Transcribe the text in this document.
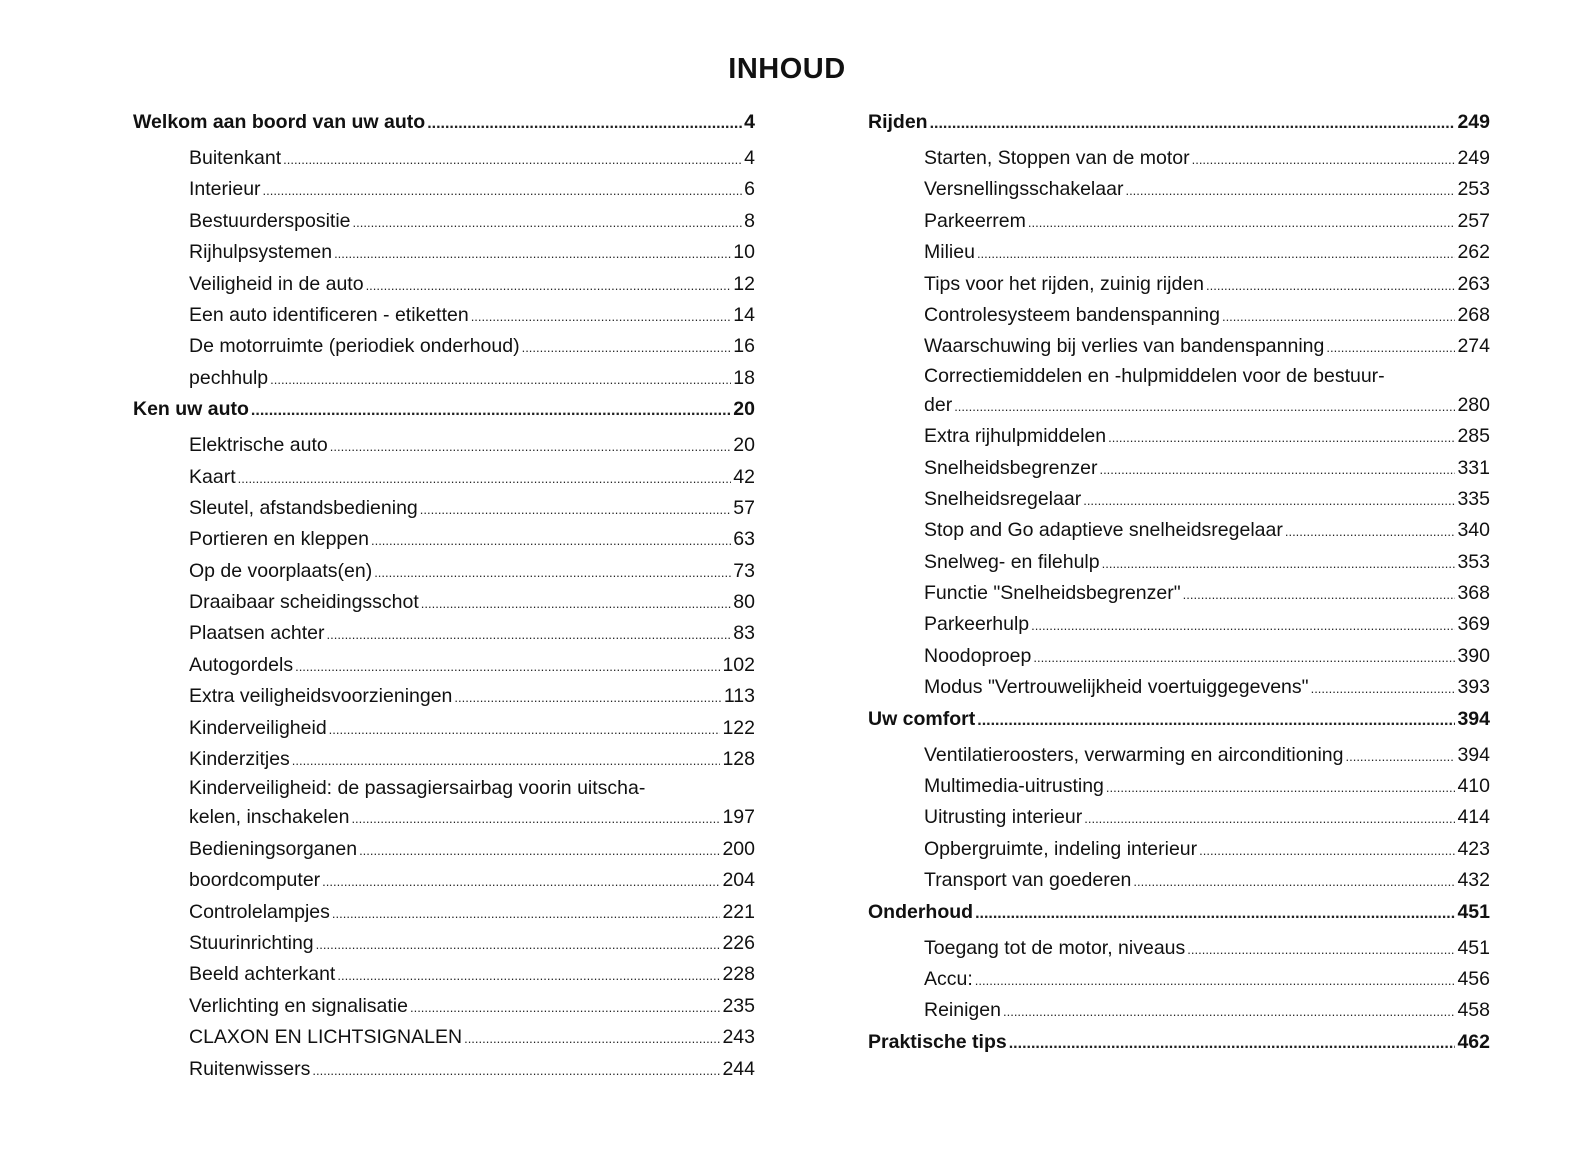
INHOUD
Welkom aan boord van uw auto .....	4
Buitenkant .....	4
Interieur .....	6
Bestuurderspositie .....	8
Rijhulpsystemen .....	10
Veiligheid in de auto .....	12
Een auto identificeren - etiketten .....	14
De motorruimte (periodiek onderhoud) .....	16
pechhulp .....	18
Ken uw auto .....	20
Elektrische auto .....	20
Kaart .....	42
Sleutel, afstandsbediening .....	57
Portieren en kleppen .....	63
Op de voorplaats(en) .....	73
Draaibaar scheidingsschot .....	80
Plaatsen achter .....	83
Autogordels .....	102
Extra veiligheidsvoorzieningen .....	113
Kinderveiligheid .....	122
Kinderzitjes .....	128
Kinderveiligheid: de passagiersairbag voorin uitscha-
kelen, inschakelen .....	197
Bedieningsorganen .....	200
boordcomputer .....	204
Controlelampjes .....	221
Stuurinrichting .....	226
Beeld achterkant .....	228
Verlichting en signalisatie .....	235
CLAXON EN LICHTSIGNALEN .....	243
Ruitenwissers .....	244
Rijden .....	249
Starten, Stoppen van de motor .....	249
Versnellingsschakelaar .....	253
Parkeerrem .....	257
Milieu .....	262
Tips voor het rijden, zuinig rijden .....	263
Controlesysteem bandenspanning .....	268
Waarschuwing bij verlies van bandenspanning .....	274
Correctiemiddelen en -hulpmiddelen voor de bestuur-
der .....	280
Extra rijhulpmiddelen .....	285
Snelheidsbegrenzer .....	331
Snelheidsregelaar .....	335
Stop and Go adaptieve snelheidsregelaar .....	340
Snelweg- en filehulp .....	353
Functie "Snelheidsbegrenzer" .....	368
Parkeerhulp .....	369
Noodoproep .....	390
Modus "Vertrouwelijkheid voertuiggegevens" .....	393
Uw comfort .....	394
Ventilatieroosters, verwarming en airconditioning .....	394
Multimedia-uitrusting .....	410
Uitrusting interieur .....	414
Opbergruimte, indeling interieur .....	423
Transport van goederen .....	432
Onderhoud .....	451
Toegang tot de motor, niveaus .....	451
Accu: .....	456
Reinigen .....	458
Praktische tips .....	462
